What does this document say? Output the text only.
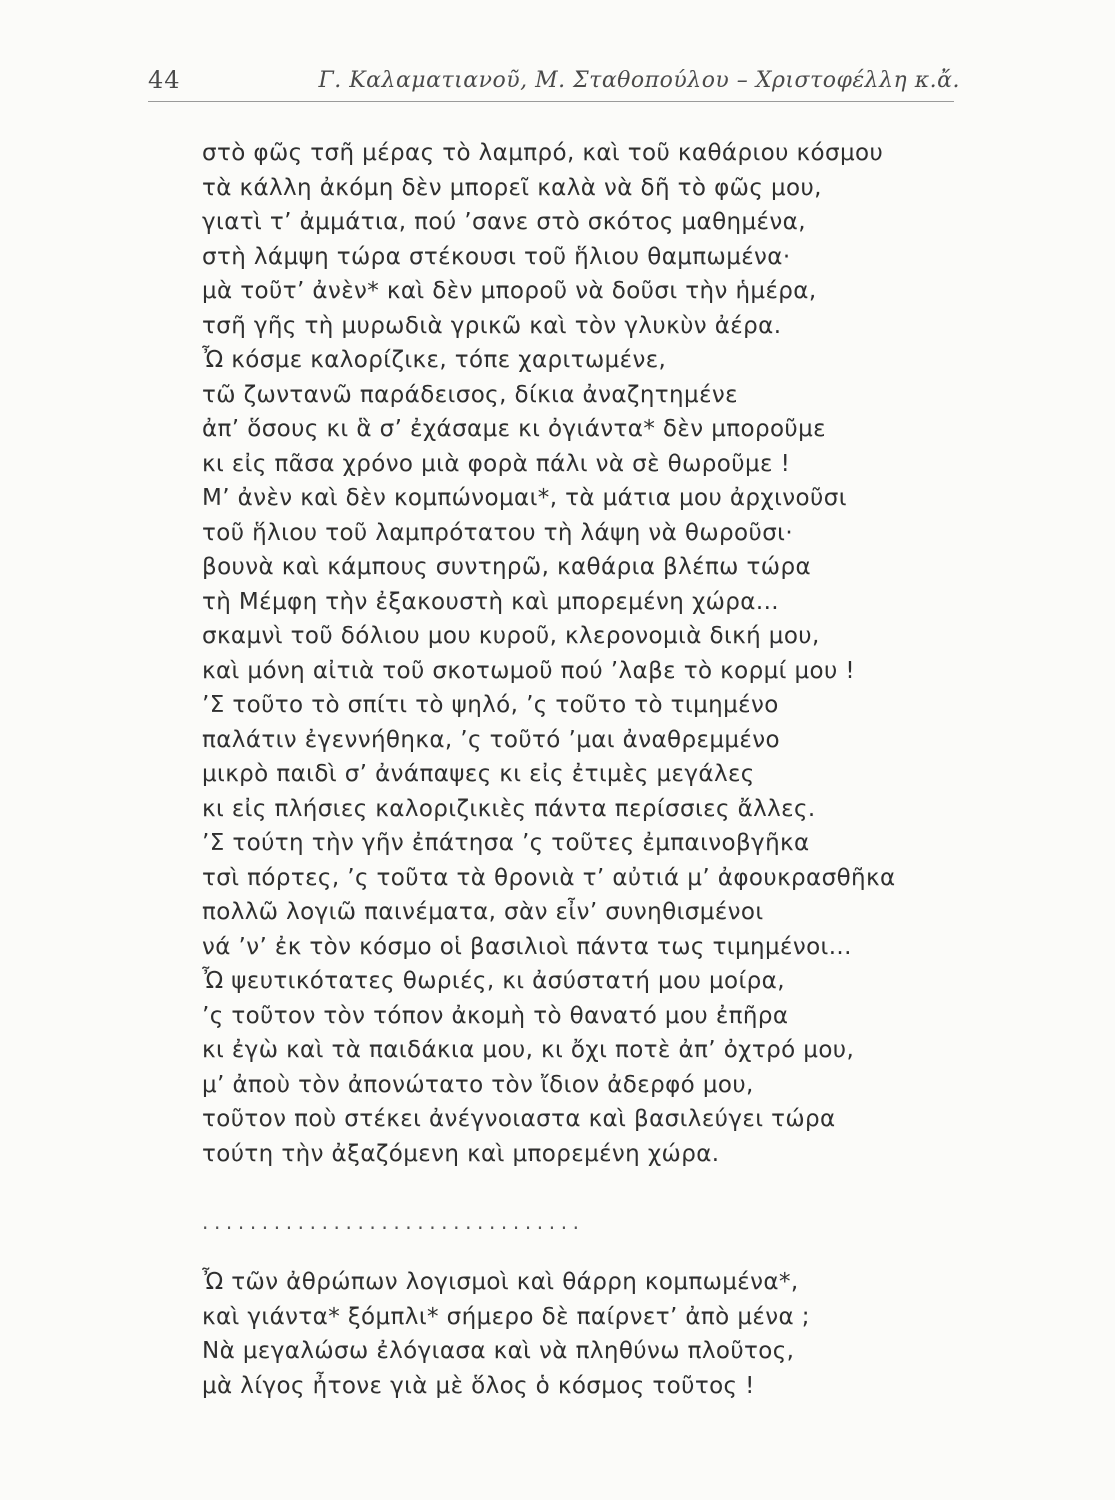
44	Γ. Καλαματιανοῦ, Μ. Σταθοπούλου – Χριστοφέλλη κ.ἄ.
στὸ φῶς τσῆ μέρας τὸ λαμπρό, καὶ τοῦ καθάριου κόσμου
τὰ κάλλη ἀκόμη δὲν μπορεῖ καλὰ νὰ δῆ τὸ φῶς μου,
γιατὶ τ’ ἀμμάτια, πού ’σανε στὸ σκότος μαθημένα,
στὴ λάμψη τώρα στέκουσι τοῦ ἥλιου θαμπωμένα·
μὰ τοῦτ’ ἀνὲν* καὶ δὲν μποροῦ νὰ δοῦσι τὴν ἡμέρα,
τσῆ γῆς τὴ μυρωδιὰ γρικῶ καὶ τὸν γλυκὺν ἀέρα.
Ὦ κόσμε καλορίζικε, τόπε χαριτωμένε,
τῶ ζωντανῶ παράδεισος, δίκια ἀναζητημένε
ἀπ’ ὅσους κι ἃ σ’ ἐχάσαμε κι ὀγιάντα* δὲν μποροῦμε
κι εἰς πᾶσα χρόνο μιὰ φορὰ πάλι νὰ σὲ θωροῦμε !
Μ’ ἀνὲν καὶ δὲν κομπώνομαι*, τὰ μάτια μου ἀρχινοῦσι
τοῦ ἥλιου τοῦ λαμπρότατου τὴ λάψη νὰ θωροῦσι·
βουνὰ καὶ κάμπους συντηρῶ, καθάρια βλέπω τώρα
τὴ Μέμφη τὴν ἐξακουστὴ καὶ μπορεμένη χώρα...
σκαμνὶ τοῦ δόλιου μου κυροῦ, κλερονομιὰ δική μου,
καὶ μόνη αἰτιὰ τοῦ σκοτωμοῦ πού ’λαβε τὸ κορμί μου !
’Σ τοῦτο τὸ σπίτι τὸ ψηλό, ’ς τοῦτο τὸ τιμημένο
παλάτιν ἐγεννήθηκα, ’ς τοῦτό ’μαι ἀναθρεμμένο
μικρὸ παιδὶ σ’ ἀνάπαψες κι εἰς ἐτιμὲς μεγάλες
κι εἰς πλήσιες καλοριζικιὲς πάντα περίσσιες ἄλλες.
’Σ τούτη τὴν γῆν ἐπάτησα ’ς τοῦτες ἐμπαινοβγῆκα
τσὶ πόρτες, ’ς τοῦτα τὰ θρονιὰ τ’ αὐτιά μ’ ἀφουκρασθῆκα
πολλῶ λογιῶ παινέματα, σὰν εἶν’ συνηθισμένοι
νά ’ν’ ἐκ τὸν κόσμο οἱ βασιλιοὶ πάντα τως τιμημένοι...
Ὦ ψευτικότατες θωριές, κι ἀσύστατή μου μοίρα,
’ς τοῦτον τὸν τόπον ἀκομὴ τὸ θανατό μου ἐπῆρα
κι ἐγὼ καὶ τὰ παιδάκια μου, κι ὄχι ποτὲ ἀπ’ ὀχτρό μου,
μ’ ἀποὺ τὸν ἀπονώτατο τὸν ἴδιον ἀδερφό μου,
τοῦτον ποὺ στέκει ἀνέγνοιαστα καὶ βασιλεύγει τώρα
τούτη τὴν ἀξαζόμενη καὶ μπορεμένη χώρα.
................................
Ὦ τῶν ἀθρώπων λογισμοὶ καὶ θάρρη κομπωμένα*,
καὶ γιάντα* ξόμπλι* σήμερο δὲ παίρνετ’ ἀπὸ μένα ;
Νὰ μεγαλώσω ἐλόγιασα καὶ νὰ πληθύνω πλοῦτος,
μὰ λίγος ἦτονε γιὰ μὲ ὅλος ὁ κόσμος τοῦτος !
